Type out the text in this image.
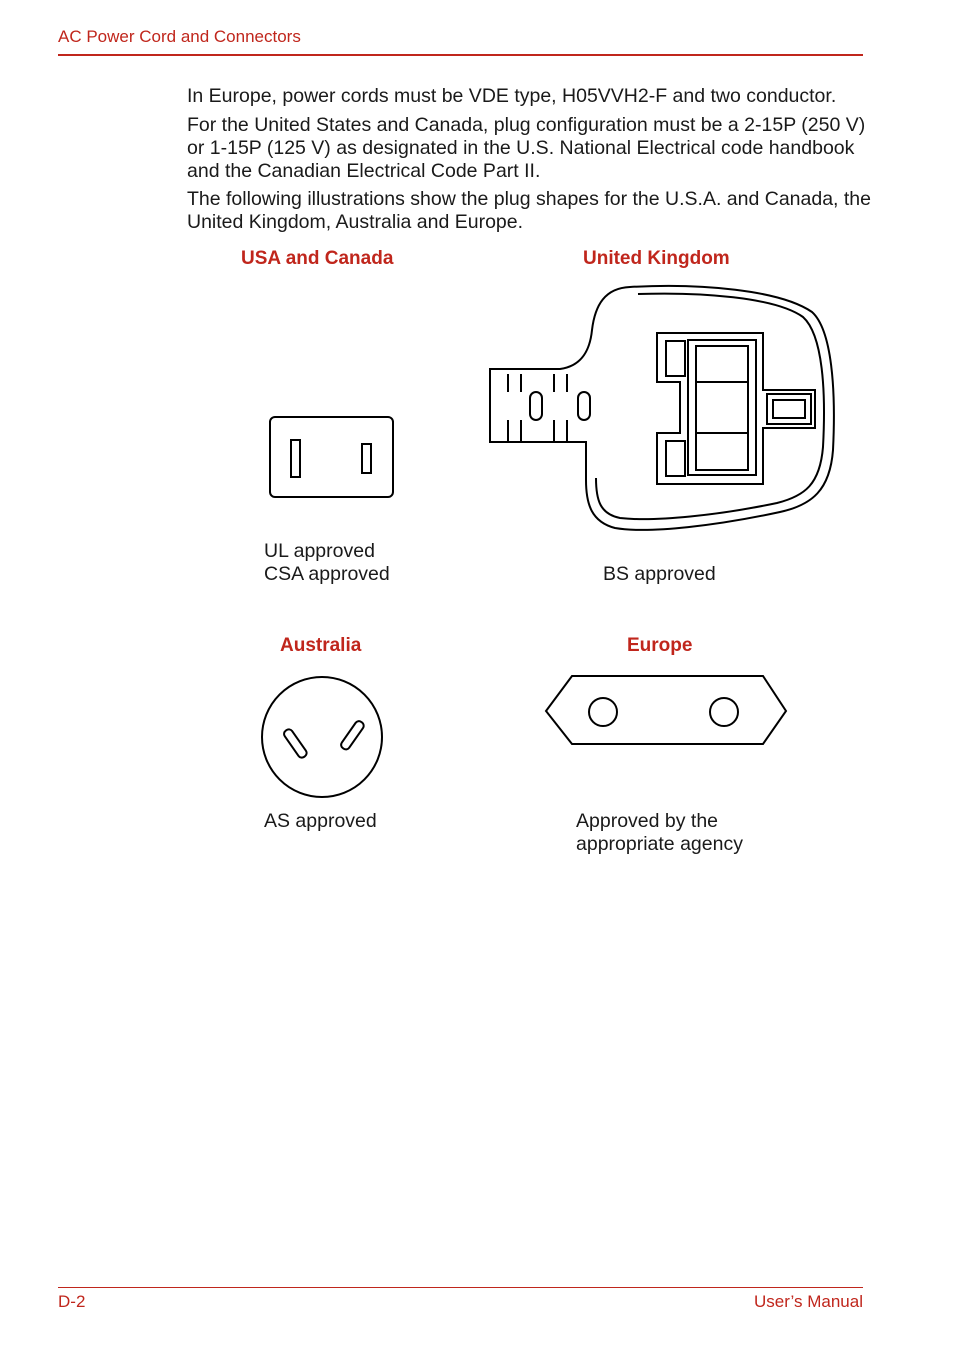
AC Power Cord and Connectors

In Europe, power cords must be VDE type, H05VVH2-F and two conductor.

For the United States and Canada, plug configuration must be a 2-15P (250 V) or 1-15P (125 V) as designated in the U.S. National Electrical code handbook and the Canadian Electrical Code Part II.

The following illustrations show the plug shapes for the U.S.A. and Canada, the United Kingdom, Australia and Europe.

USA and Canada	United Kingdom
UL approved
CSA approved	BS approved
Australia	Europe
AS approved	Approved by the
appropriate agency
D-2	User’s Manual
